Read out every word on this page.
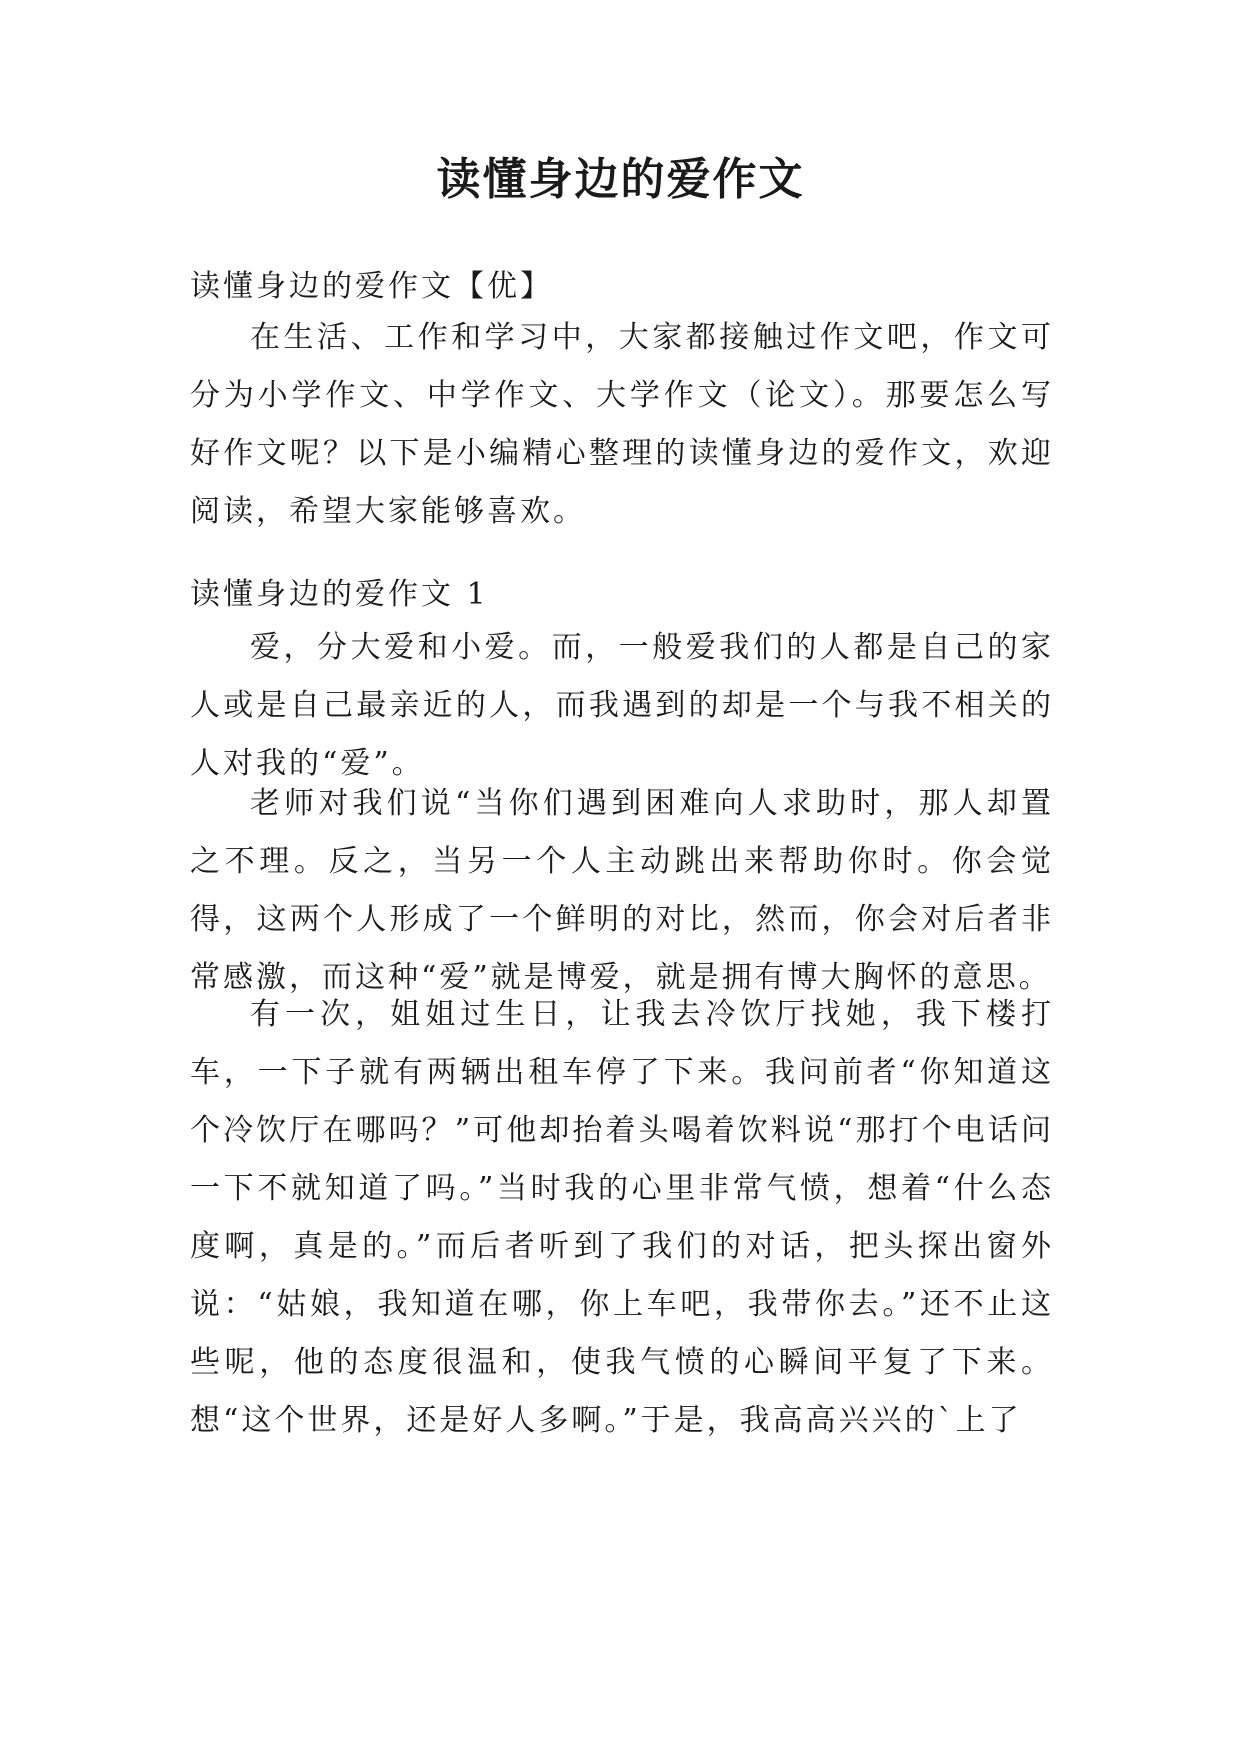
读懂身边的爱作文

读懂身边的爱作文【优】

在生活、工作和学习中，大家都接触过作文吧，作文可分为小学作文、中学作文、大学作文（论文）。那要怎么写好作文呢？以下是小编精心整理的读懂身边的爱作文，欢迎阅读，希望大家能够喜欢。

读懂身边的爱作文 1

爱，分大爱和小爱。而，一般爱我们的人都是自己的家人或是自己最亲近的人，而我遇到的却是一个与我不相关的人对我的“爱”。

老师对我们说“当你们遇到困难向人求助时，那人却置之不理。反之，当另一个人主动跳出来帮助你时。你会觉得，这两个人形成了一个鲜明的对比，然而，你会对后者非常感激，而这种“爱”就是博爱，就是拥有博大胸怀的意思。

有一次，姐姐过生日，让我去冷饮厅找她，我下楼打车，一下子就有两辆出租车停了下来。我问前者“你知道这个冷饮厅在哪吗？”可他却抬着头喝着饮料说“那打个电话问一下不就知道了吗。”当时我的心里非常气愤，想着“什么态度啊，真是的。”而后者听到了我们的对话，把头探出窗外说：“姑娘，我知道在哪，你上车吧，我带你去。”还不止这些呢，他的态度很温和，使我气愤的心瞬间平复了下来。想“这个世界，还是好人多啊。”于是，我高高兴兴的`上了
